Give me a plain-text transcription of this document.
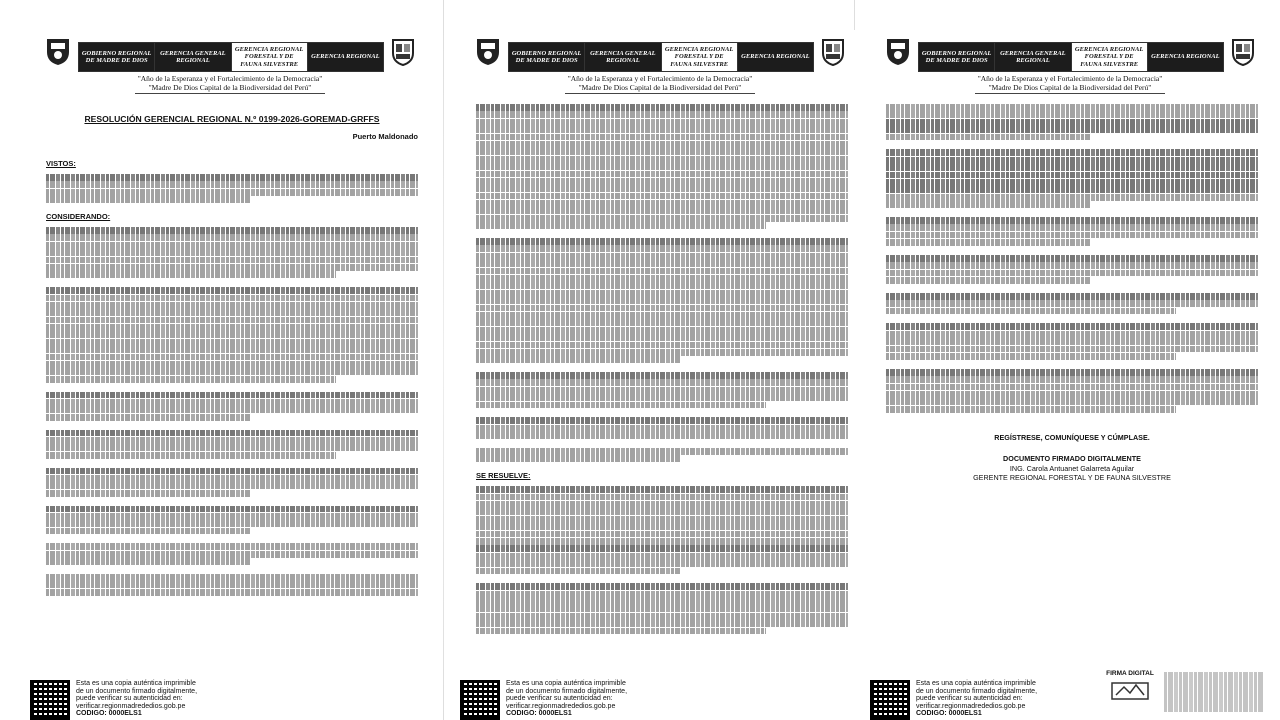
GOBIERNO REGIONAL DE MADRE DE DIOS
GERENCIA GENERAL REGIONAL
GERENCIA REGIONAL FORESTAL Y DE FAUNA SILVESTRE
GERENCIA REGIONAL
"Año de la Esperanza y el Fortalecimiento de la Democracia"
"Madre De Dios Capital de la Biodiversidad del Perú"
RESOLUCIÓN GERENCIAL REGIONAL N.º 0199-2026-GOREMAD-GRFFS
Puerto Maldonado
VISTOS:
CONSIDERANDO:
Esta es una copia auténtica imprimible
de un documento firmado digitalmente,
puede verificar su autenticidad en:
verificar.regionmadrededios.gob.pe
CODIGO: 0000ELS1
GOBIERNO REGIONAL DE MADRE DE DIOS
GERENCIA GENERAL REGIONAL
GERENCIA REGIONAL FORESTAL Y DE FAUNA SILVESTRE
GERENCIA REGIONAL
"Año de la Esperanza y el Fortalecimiento de la Democracia"
"Madre De Dios Capital de la Biodiversidad del Perú"
SE RESUELVE:
Esta es una copia auténtica imprimible
de un documento firmado digitalmente,
puede verificar su autenticidad en:
verificar.regionmadrededios.gob.pe
CODIGO: 0000ELS1
GOBIERNO REGIONAL DE MADRE DE DIOS
GERENCIA GENERAL REGIONAL
GERENCIA REGIONAL FORESTAL Y DE FAUNA SILVESTRE
GERENCIA REGIONAL
"Año de la Esperanza y el Fortalecimiento de la Democracia"
"Madre De Dios Capital de la Biodiversidad del Perú"
REGÍSTRESE, COMUNÍQUESE Y CÚMPLASE.
DOCUMENTO FIRMADO DIGITALMENTE
ING. Carola Antuanet Galarreta Aguilar
GERENTE REGIONAL FORESTAL Y DE FAUNA SILVESTRE
Esta es una copia auténtica imprimible
de un documento firmado digitalmente,
puede verificar su autenticidad en:
verificar.regionmadrededios.gob.pe
CODIGO: 0000ELS1
FIRMA DIGITAL
